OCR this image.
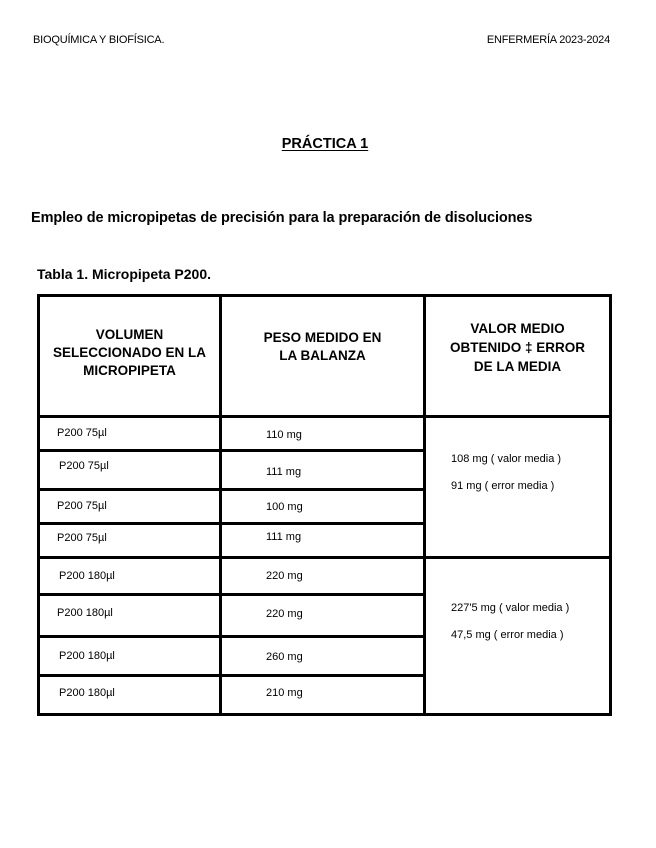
BIOQUÍMICA Y BIOFÍSICA.	ENFERMERÍA 2023-2024
PRÁCTICA 1
Empleo de micropipetas de precisión para la preparación de disoluciones
Tabla 1. Micropipeta P200.
VOLUMEN
SELECCIONADO EN LA
MICROPIPETA
PESO MEDIDO EN
LA BALANZA
VALOR MEDIO
OBTENIDO ‡ ERROR
DE LA MEDIA
P200 75µl
P200 75µl
P200 75µl
P200 75µl
P200 180µl
P200 180µl
P200 180µl
P200 180µl
110 mg
111 mg
100 mg
111 mg
220 mg
220 mg
260 mg
210 mg
108 mg ( valor media )
91 mg ( error media )
227'5 mg ( valor media )
47,5 mg ( error media )
